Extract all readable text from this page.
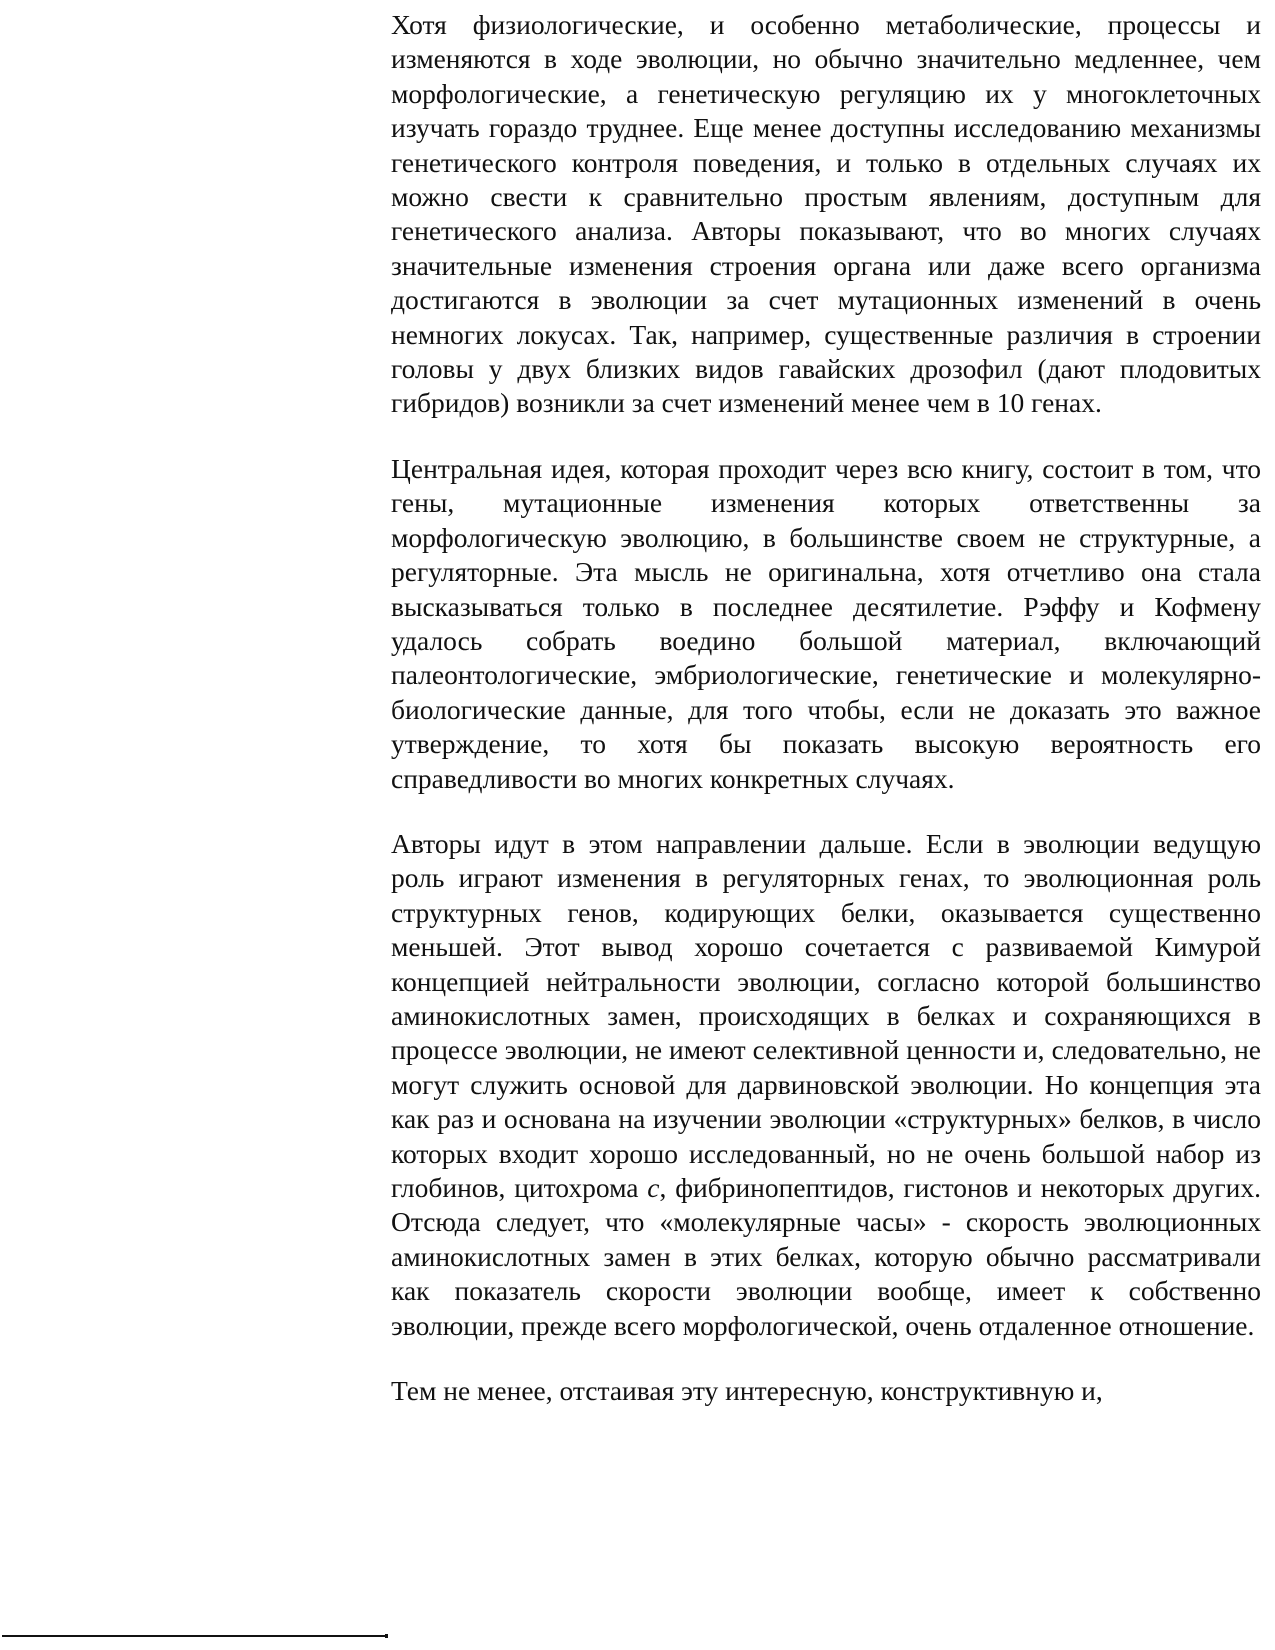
Хотя физиологические, и особенно метаболические, процессы и изменяются в ходе эволюции, но обычно значительно медленнее, чем морфологические, а генетическую регуляцию их у многоклеточных изучать гораздо труднее. Еще менее доступны исследованию механизмы генетического контроля поведения, и только в отдельных случаях их можно свести к сравнительно простым явлениям, доступным для генетического анализа. Авторы показывают, что во многих случаях значительные изменения строения органа или даже всего организма достигаются в эволюции за счет мутационных изменений в очень немногих локусах. Так, например, существенные различия в строении головы у двух близких видов гавайских дрозофил (дают плодовитых гибридов) возникли за счет изменений менее чем в 10 генах.

Центральная идея, которая проходит через всю книгу, состоит в том, что гены, мутационные изменения которых ответственны за морфологическую эволюцию, в большинстве своем не структурные, а регуляторные. Эта мысль не оригинальна, хотя отчетливо она стала высказываться только в последнее десятилетие. Рэффу и Кофмену удалось собрать воедино большой материал, включающий палеонтологические, эмбриологические, генетические и молекулярно-биологические данные, для того чтобы, если не доказать это важное утверждение, то хотя бы показать высокую вероятность его справедливости во многих конкретных случаях.

Авторы идут в этом направлении дальше. Если в эволюции ведущую роль играют изменения в регуляторных генах, то эволюционная роль структурных генов, кодирующих белки, оказывается существенно меньшей. Этот вывод хорошо сочетается с развиваемой Кимурой концепцией нейтральности эволюции, согласно которой большинство аминокислотных замен, происходящих в белках и сохраняющихся в процессе эволюции, не имеют селективной ценности и, следовательно, не могут служить основой для дарвиновской эволюции. Но концепция эта как раз и основана на изучении эволюции «структурных» белков, в число которых входит хорошо исследованный, но не очень большой набор из глобинов, цитохрома с, фибринопептидов, гистонов и некоторых других. Отсюда следует, что «молекулярные часы» - скорость эволюционных аминокислотных замен в этих белках, которую обычно рассматривали как показатель скорости эволюции вообще, имеет к собственно эволюции, прежде всего морфологической, очень отдаленное отношение.

Тем не менее, отстаивая эту интересную, конструктивную и,
